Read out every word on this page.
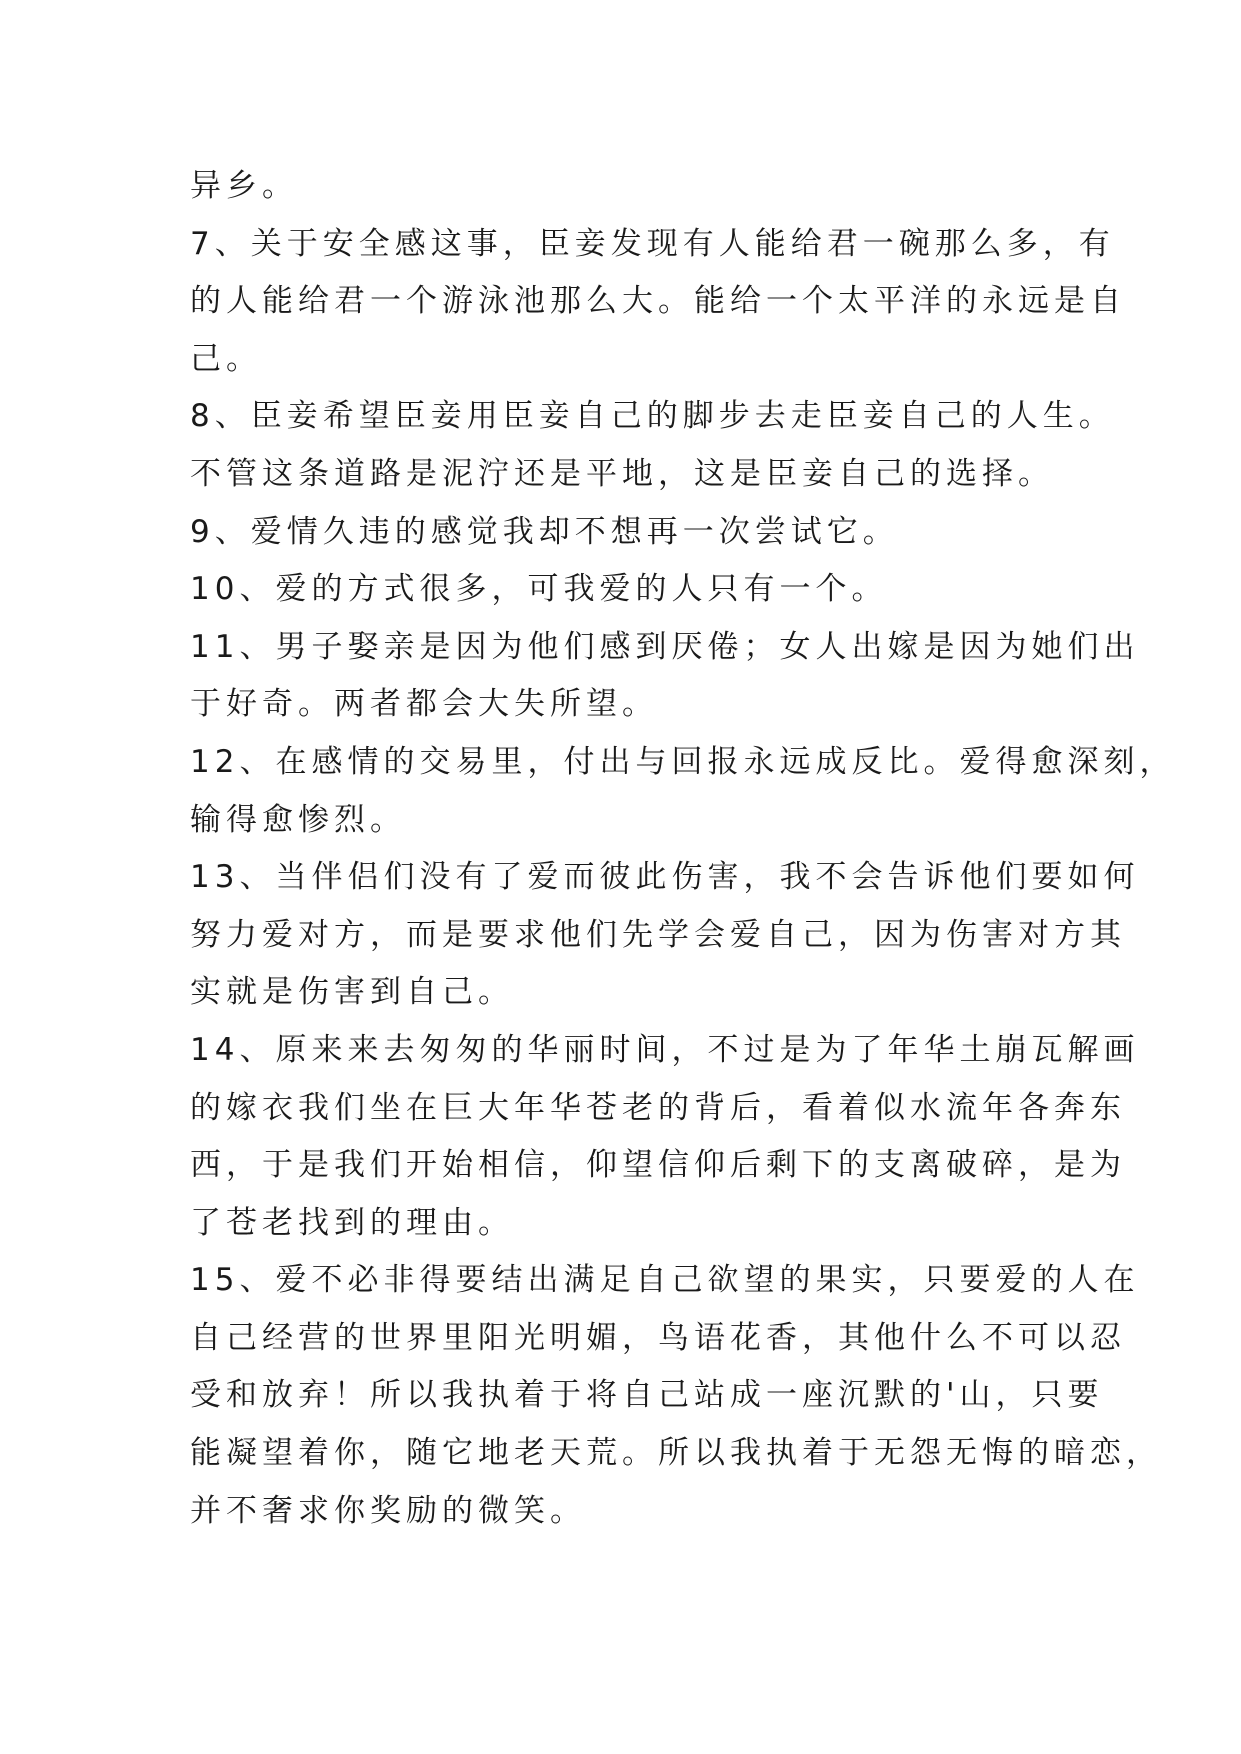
异乡。
7、关于安全感这事，臣妾发现有人能给君一碗那么多，有
的人能给君一个游泳池那么大。能给一个太平洋的永远是自
己。
8、臣妾希望臣妾用臣妾自己的脚步去走臣妾自己的人生。
不管这条道路是泥泞还是平地，这是臣妾自己的选择。
9、爱情久违的感觉我却不想再一次尝试它。
10、爱的方式很多，可我爱的人只有一个。
11、男子娶亲是因为他们感到厌倦；女人出嫁是因为她们出
于好奇。两者都会大失所望。
12、在感情的交易里，付出与回报永远成反比。爱得愈深刻，
输得愈惨烈。
13、当伴侣们没有了爱而彼此伤害，我不会告诉他们要如何
努力爱对方，而是要求他们先学会爱自己，因为伤害对方其
实就是伤害到自己。
14、原来来去匆匆的华丽时间，不过是为了年华土崩瓦解画
的嫁衣我们坐在巨大年华苍老的背后，看着似水流年各奔东
西，于是我们开始相信，仰望信仰后剩下的支离破碎，是为
了苍老找到的理由。
15、爱不必非得要结出满足自己欲望的果实，只要爱的人在
自己经营的世界里阳光明媚，鸟语花香，其他什么不可以忍
受和放弃！所以我执着于将自己站成一座沉默的'山，只要
能凝望着你，随它地老天荒。所以我执着于无怨无悔的暗恋，
并不奢求你奖励的微笑。
